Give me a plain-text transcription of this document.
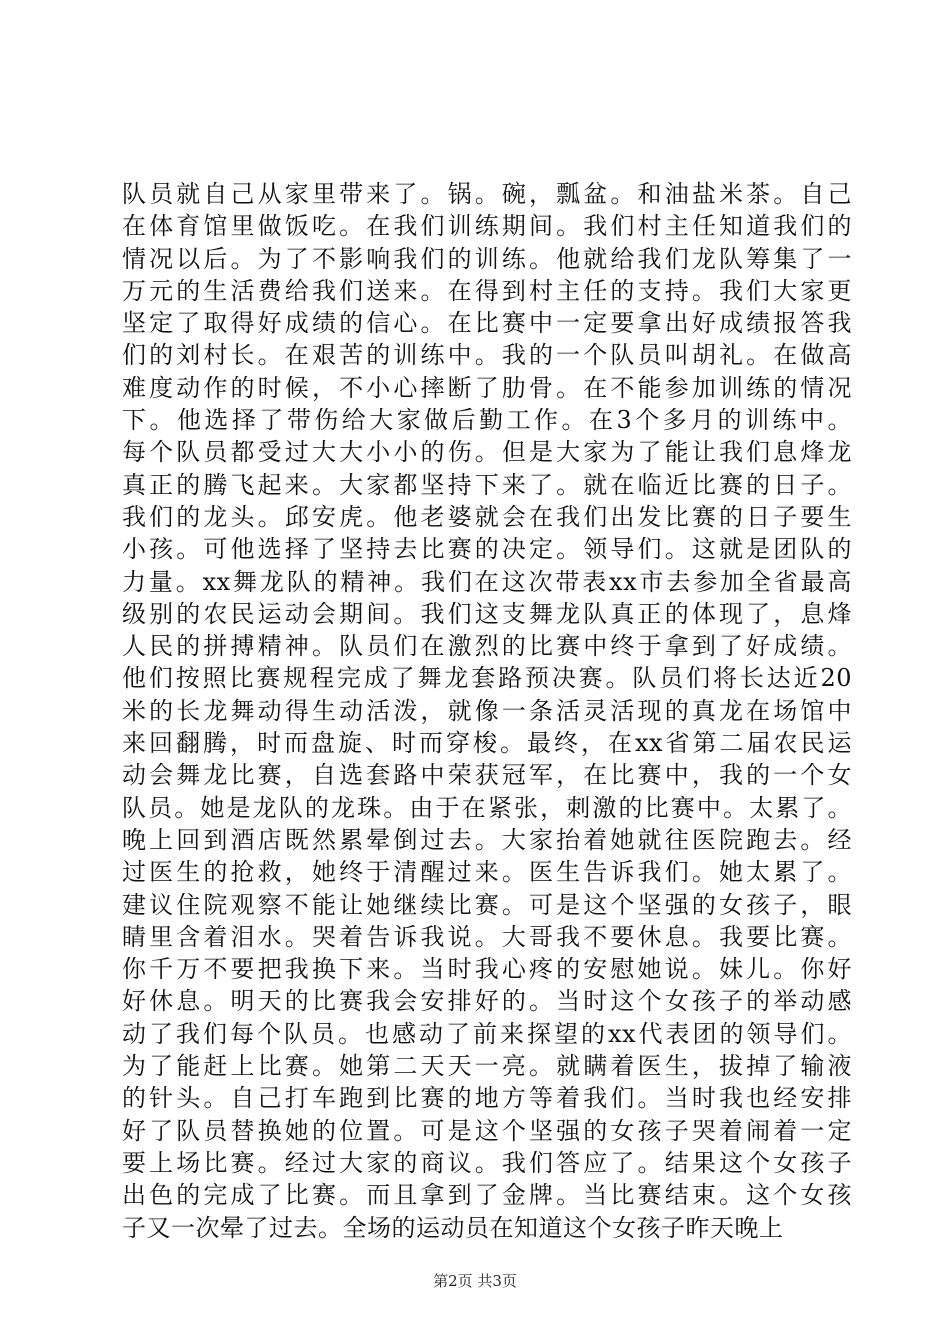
队员就自己从家里带来了。锅。碗，瓢盆。和油盐米茶。自己
在体育馆里做饭吃。在我们训练期间。我们村主任知道我们的
情况以后。为了不影响我们的训练。他就给我们龙队筹集了一
万元的生活费给我们送来。在得到村主任的支持。我们大家更
坚定了取得好成绩的信心。在比赛中一定要拿出好成绩报答我
们的刘村长。在艰苦的训练中。我的一个队员叫胡礼。在做高
难度动作的时候，不小心摔断了肋骨。在不能参加训练的情况
下。他选择了带伤给大家做后勤工作。在3个多月的训练中。
每个队员都受过大大小小的伤。但是大家为了能让我们息烽龙
真正的腾飞起来。大家都坚持下来了。就在临近比赛的日子。
我们的龙头。邱安虎。他老婆就会在我们出发比赛的日子要生
小孩。可他选择了坚持去比赛的决定。领导们。这就是团队的
力量。xx舞龙队的精神。我们在这次带表xx市去参加全省最高
级别的农民运动会期间。我们这支舞龙队真正的体现了，息烽
人民的拼搏精神。队员们在激烈的比赛中终于拿到了好成绩。
他们按照比赛规程完成了舞龙套路预决赛。队员们将长达近20
米的长龙舞动得生动活泼，就像一条活灵活现的真龙在场馆中
来回翻腾，时而盘旋、时而穿梭。最终，在xx省第二届农民运
动会舞龙比赛，自选套路中荣获冠军，在比赛中，我的一个女
队员。她是龙队的龙珠。由于在紧张，刺激的比赛中。太累了。
晚上回到酒店既然累晕倒过去。大家抬着她就往医院跑去。经
过医生的抢救，她终于清醒过来。医生告诉我们。她太累了。
建议住院观察不能让她继续比赛。可是这个坚强的女孩子，眼
睛里含着泪水。哭着告诉我说。大哥我不要休息。我要比赛。
你千万不要把我换下来。当时我心疼的安慰她说。妹儿。你好
好休息。明天的比赛我会安排好的。当时这个女孩子的举动感
动了我们每个队员。也感动了前来探望的xx代表团的领导们。
为了能赶上比赛。她第二天天一亮。就瞒着医生，拔掉了输液
的针头。自己打车跑到比赛的地方等着我们。当时我也经安排
好了队员替换她的位置。可是这个坚强的女孩子哭着闹着一定
要上场比赛。经过大家的商议。我们答应了。结果这个女孩子
出色的完成了比赛。而且拿到了金牌。当比赛结束。这个女孩
子又一次晕了过去。全场的运动员在知道这个女孩子昨天晚上
第2页 共3页
